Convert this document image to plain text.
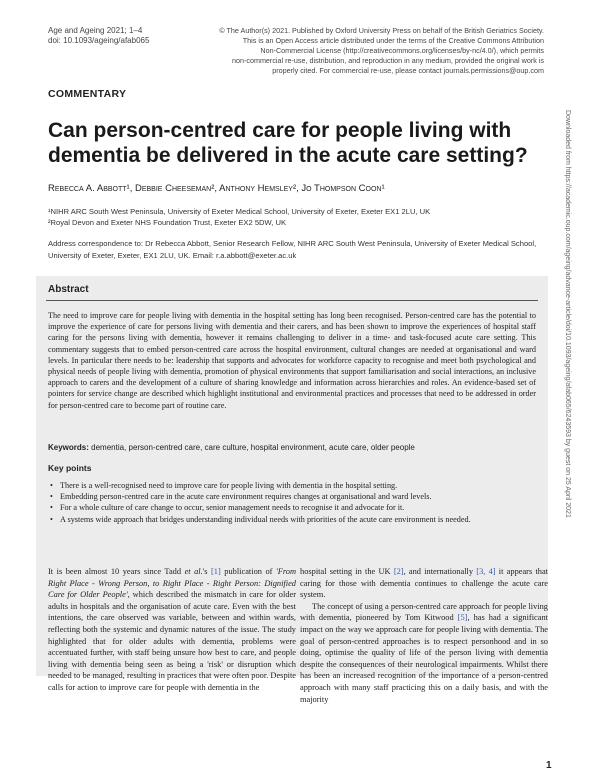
Age and Ageing 2021; 1–4
doi: 10.1093/ageing/afab065
© The Author(s) 2021. Published by Oxford University Press on behalf of the British Geriatrics Society.
This is an Open Access article distributed under the terms of the Creative Commons Attribution
Non-Commercial License (http://creativecommons.org/licenses/by-nc/4.0/), which permits
non-commercial re-use, distribution, and reproduction in any medium, provided the original work is
properly cited. For commercial re-use, please contact journals.permissions@oup.com
COMMENTARY
Can person-centred care for people living with dementia be delivered in the acute care setting?
Rebecca A. Abbott¹, Debbie Cheeseman², Anthony Hemsley², Jo Thompson Coon¹
¹NIHR ARC South West Peninsula, University of Exeter Medical School, University of Exeter, Exeter EX1 2LU, UK
²Royal Devon and Exeter NHS Foundation Trust, Exeter EX2 5DW, UK
Address correspondence to: Dr Rebecca Abbott, Senior Research Fellow, NIHR ARC South West Peninsula, University of Exeter Medical School, University of Exeter, Exeter, EX1 2LU, UK. Email: r.a.abbott@exeter.ac.uk
Abstract
The need to improve care for people living with dementia in the hospital setting has long been recognised. Person-centred care has the potential to improve the experience of care for persons living with dementia and their carers, and has been shown to improve the experiences of hospital staff caring for the persons living with dementia, however it remains challenging to deliver in a time- and task-focused acute care setting. This commentary suggests that to embed person-centred care across the hospital environment, cultural changes are needed at organisational and ward levels. In particular there needs to be: leadership that supports and advocates for workforce capacity to recognise and meet both psychological and physical needs of people living with dementia, promotion of physical environments that support familiarisation and social interactions, an inclusive approach to carers and the development of a culture of sharing knowledge and information across hierarchies and roles. An evidence-based set of pointers for service change are described which highlight institutional and environmental practices and processes that need to be addressed in order for person-centred care to become part of routine care.
Keywords: dementia, person-centred care, care culture, hospital environment, acute care, older people
Key points
• There is a well-recognised need to improve care for people living with dementia in the hospital setting.
• Embedding person-centred care in the acute care environment requires changes at organisational and ward levels.
• For a whole culture of care change to occur, senior management needs to recognise it and advocate for it.
• A systems wide approach that bridges understanding individual needs with priorities of the acute care environment is needed.

It is been almost 10 years since Tadd et al.'s [1] publication of 'From Right Place - Wrong Person, to Right Place - Right Person: Dignified Care for Older People', which described the mismatch in care for older adults in hospitals and the organisation of acute care. Even with the best intentions, the care observed was variable, between and within wards, reflecting both the systemic and dynamic natures of the issue. The study highlighted that for older adults with dementia, problems were accentuated further, with staff being unsure how best to care, and people living with dementia being seen as being a 'risk' or disruption which needed to be managed, resulting in practices that were often poor. Despite calls for action to improve care for people with dementia in the

hospital setting in the UK [2], and internationally [3, 4] it appears that caring for those with dementia continues to challenge the acute care system.

The concept of using a person-centred care approach for people living with dementia, pioneered by Tom Kitwood [5], has had a significant impact on the way we approach care for people living with dementia. The goal of person-centred approaches is to respect personhood and in so doing, optimise the quality of life of the person living with dementia despite the consequences of their neurological impairments. Whilst there has been an increased recognition of the importance of a person-centred approach with many staff practicing this on a daily basis, and with the majority

1
Downloaded from https://academic.oup.com/ageing/advance-article/doi/10.1093/ageing/afab065/6243593 by guest on 25 April 2021
